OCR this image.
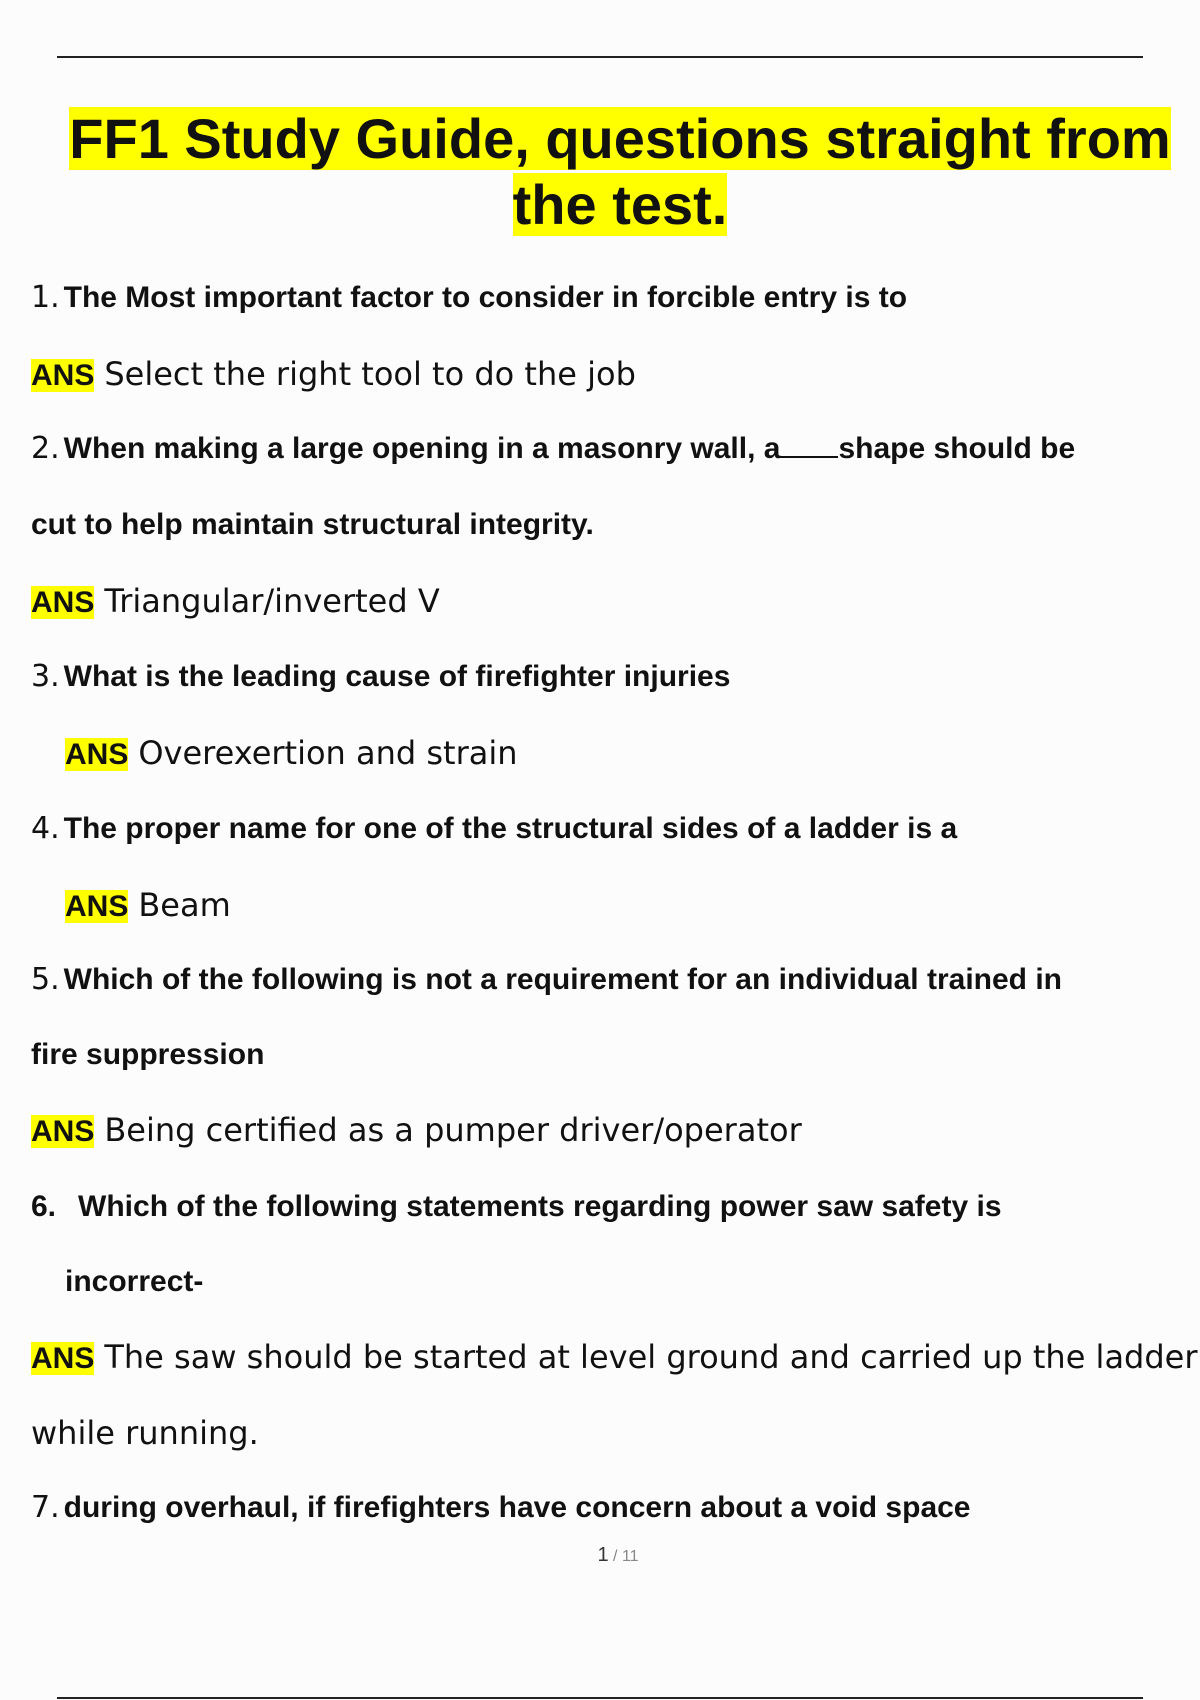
FF1 Study Guide, questions straight from
the test.
1. The Most important factor to consider in forcible entry is to
ANS Select the right tool to do the job
2. When making a large opening in a masonry wall, a shape should be
cut to help maintain structural integrity.
ANS Triangular/inverted V
3. What is the leading cause of firefighter injuries
ANS Overexertion and strain
4. The proper name for one of the structural sides of a ladder is a
ANS Beam
5. Which of the following is not a requirement for an individual trained in
fire suppression
ANS Being certified as a pumper driver/operator
6. Which of the following statements regarding power saw safety is
incorrect-
ANS The saw should be started at level ground and carried up the ladder
while running.
7. during overhaul, if firefighters have concern about a void space
1 / 11
